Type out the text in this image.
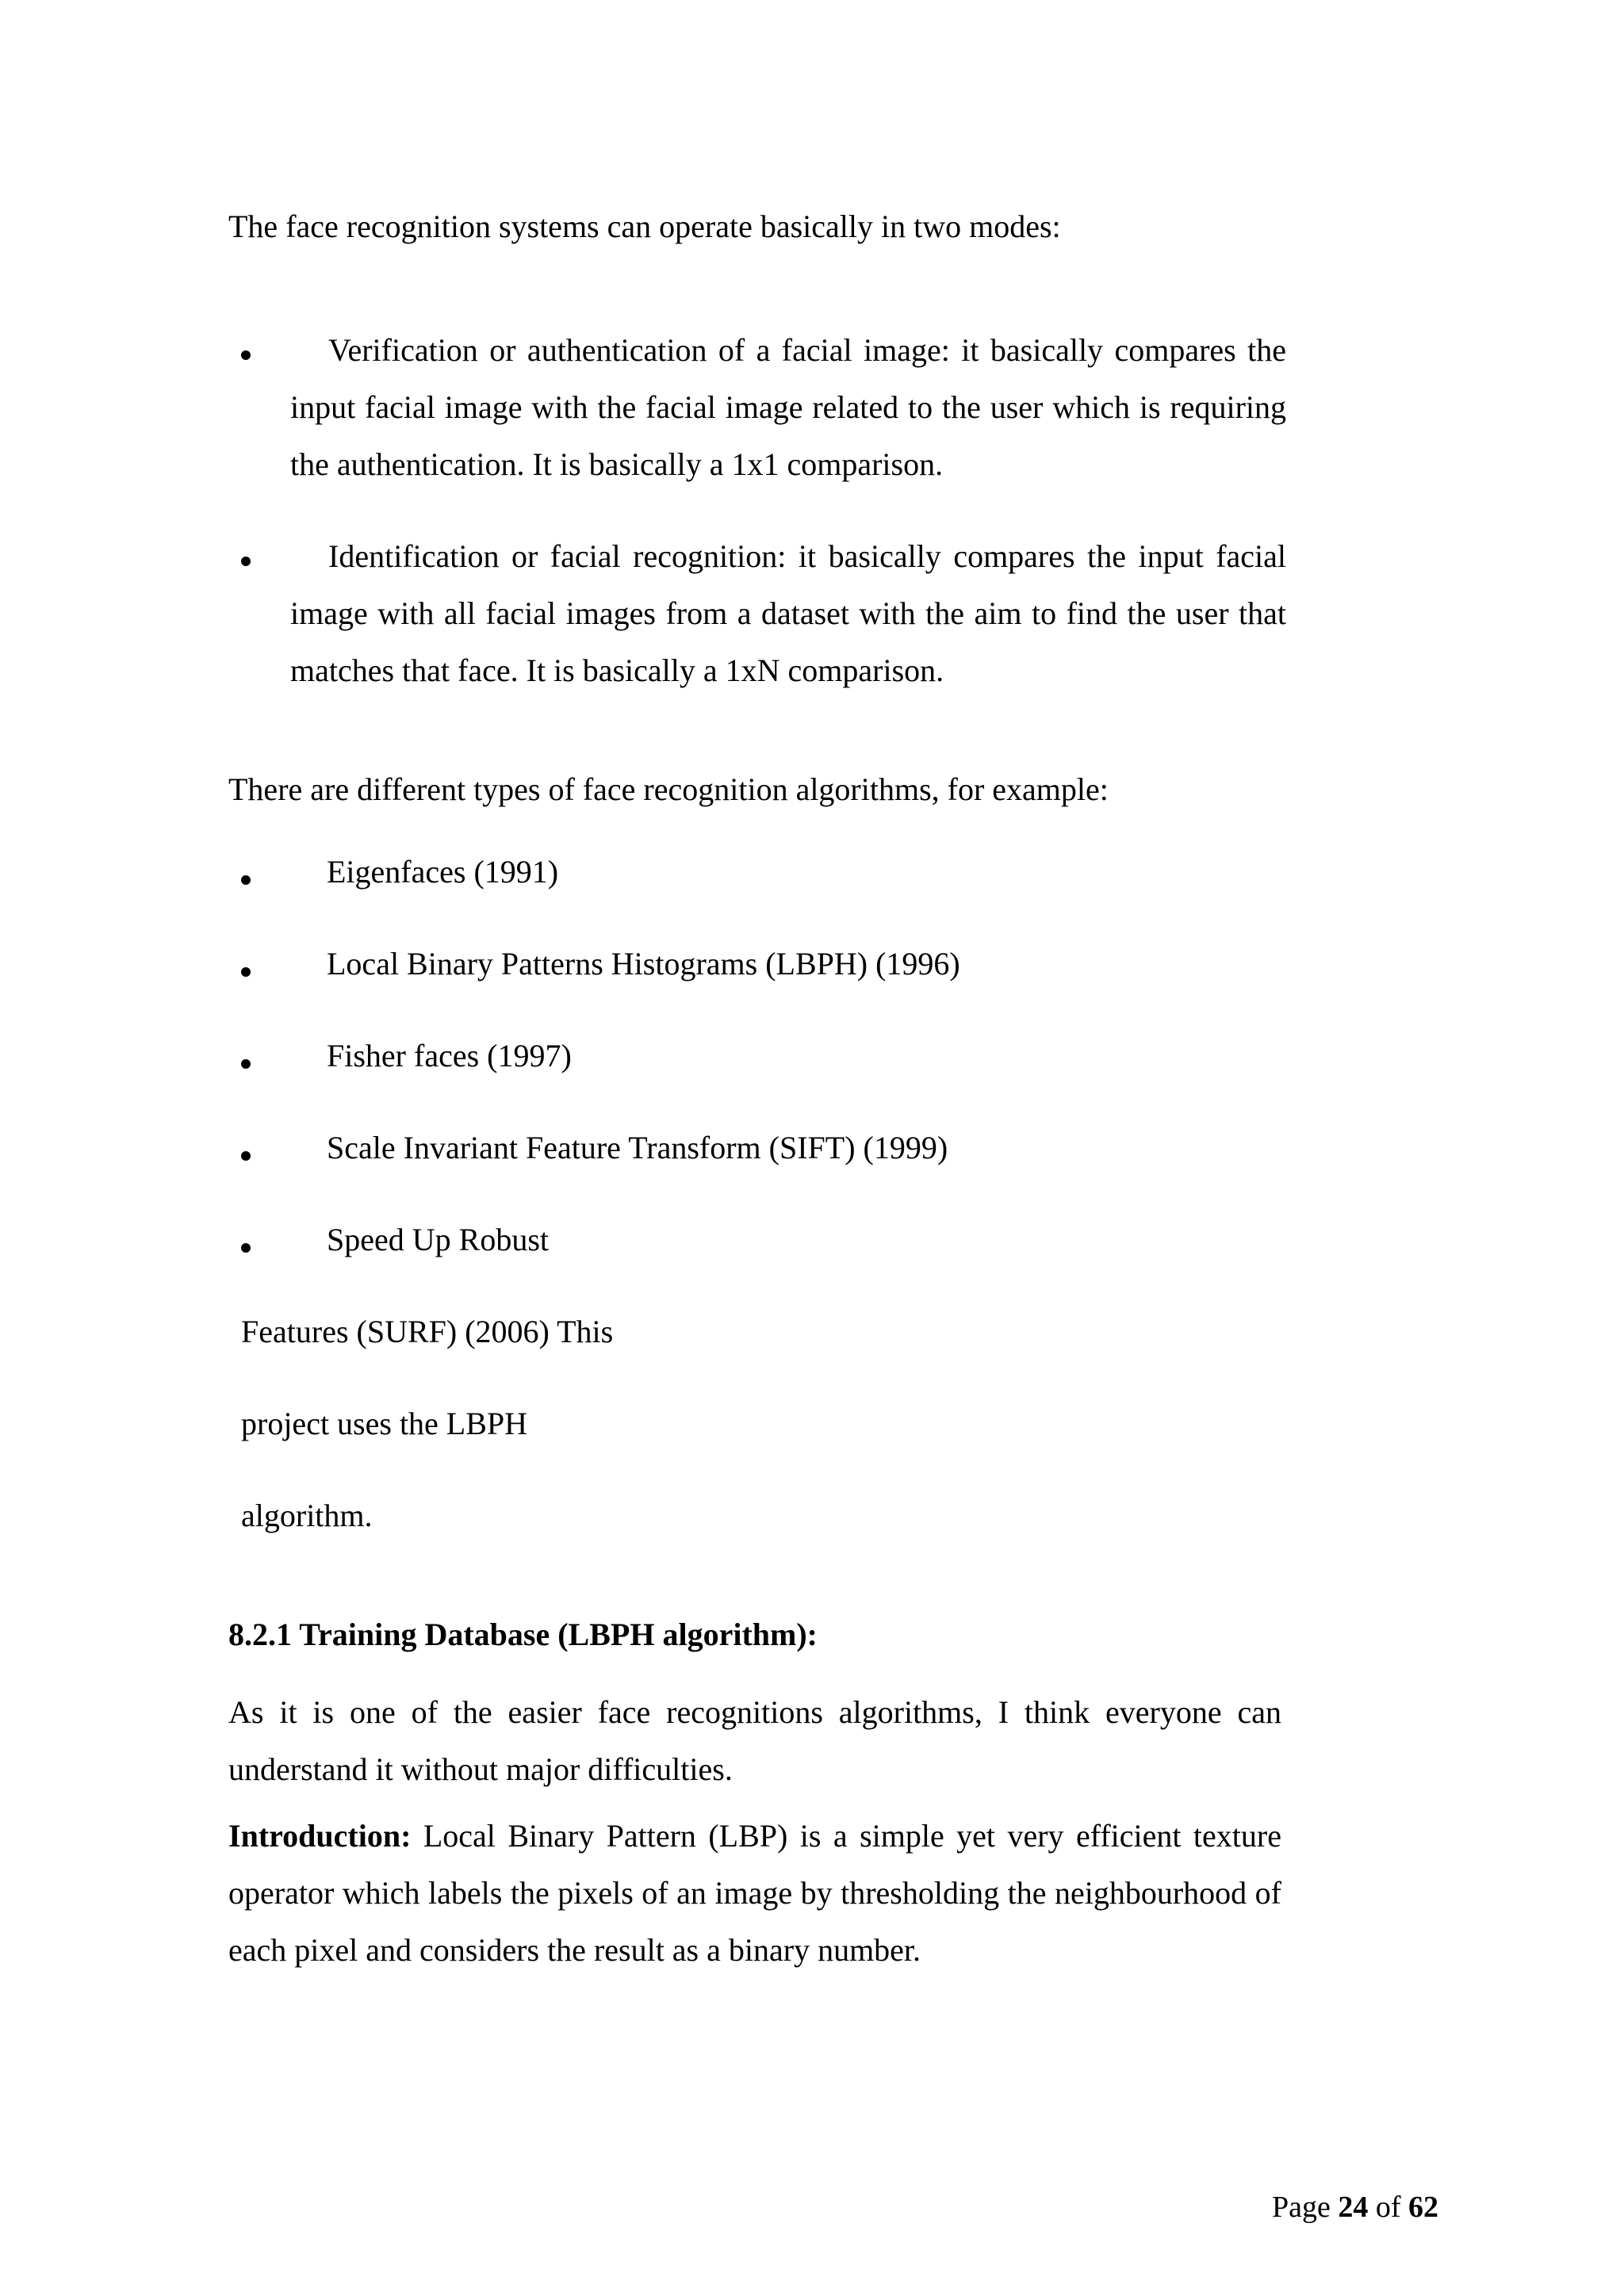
The face recognition systems can operate basically in two modes:
Verification or authentication of a facial image: it basically compares the input facial image with the facial image related to the user which is requiring the authentication. It is basically a 1x1 comparison.
Identification or facial recognition: it basically compares the input facial image with all facial images from a dataset with the aim to find the user that matches that face. It is basically a 1xN comparison.
There are different types of face recognition algorithms, for example:
Eigenfaces (1991)
Local Binary Patterns Histograms (LBPH) (1996)
Fisher faces (1997)
Scale Invariant Feature Transform (SIFT) (1999)
Speed Up Robust
Features (SURF) (2006) This
project uses the LBPH
algorithm.
8.2.1 Training Database (LBPH algorithm):
As it is one of the easier face recognitions algorithms, I think everyone can understand it without major difficulties.
Introduction: Local Binary Pattern (LBP) is a simple yet very efficient texture operator which labels the pixels of an image by thresholding the neighbourhood of each pixel and considers the result as a binary number.
Page 24 of 62
